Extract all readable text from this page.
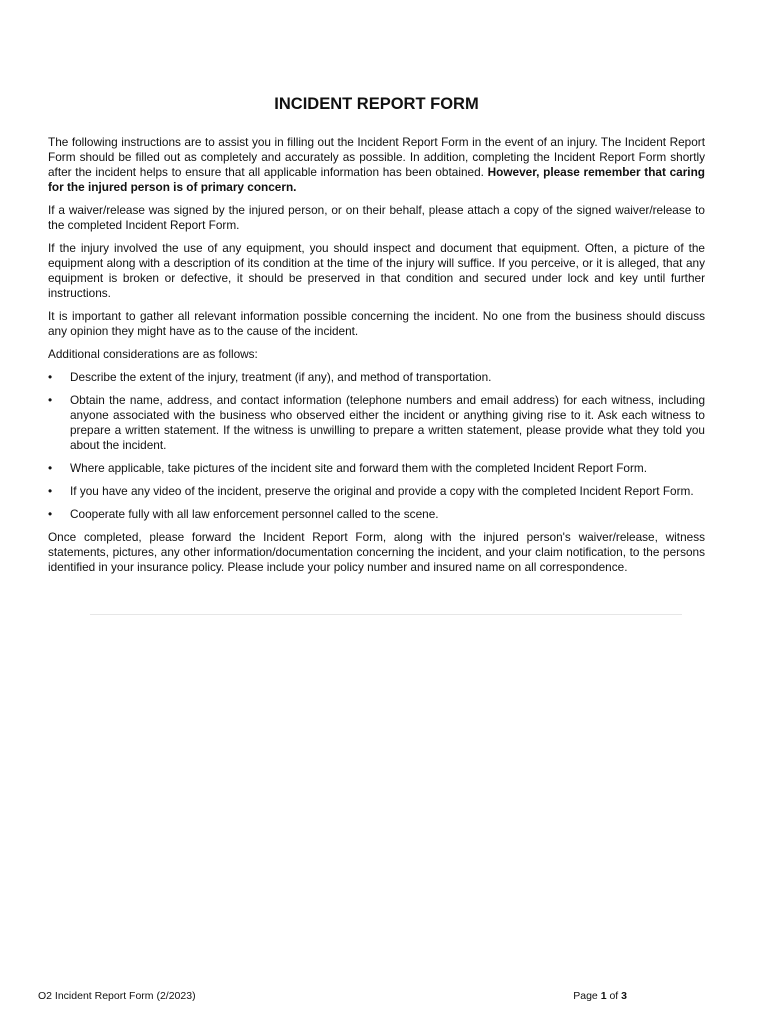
INCIDENT REPORT FORM

The following instructions are to assist you in filling out the Incident Report Form in the event of an injury. The Incident Report Form should be filled out as completely and accurately as possible. In addition, completing the Incident Report Form shortly after the incident helps to ensure that all applicable information has been obtained. However, please remember that caring for the injured person is of primary concern.

If a waiver/release was signed by the injured person, or on their behalf, please attach a copy of the signed waiver/release to the completed Incident Report Form.

If the injury involved the use of any equipment, you should inspect and document that equipment. Often, a picture of the equipment along with a description of its condition at the time of the injury will suffice. If you perceive, or it is alleged, that any equipment is broken or defective, it should be preserved in that condition and secured under lock and key until further instructions.

It is important to gather all relevant information possible concerning the incident. No one from the business should discuss any opinion they might have as to the cause of the incident.

Additional considerations are as follows:

• Describe the extent of the injury, treatment (if any), and method of transportation.
• Obtain the name, address, and contact information (telephone numbers and email address) for each witness, including anyone associated with the business who observed either the incident or anything giving rise to it. Ask each witness to prepare a written statement. If the witness is unwilling to prepare a written statement, please provide what they told you about the incident.
• Where applicable, take pictures of the incident site and forward them with the completed Incident Report Form.
• If you have any video of the incident, preserve the original and provide a copy with the completed Incident Report Form.
• Cooperate fully with all law enforcement personnel called to the scene.

Once completed, please forward the Incident Report Form, along with the injured person's waiver/release, witness statements, pictures, any other information/documentation concerning the incident, and your claim notification, to the persons identified in your insurance policy. Please include your policy number and insured name on all correspondence.

O2 Incident Report Form (2/2023)	Page 1 of 3
